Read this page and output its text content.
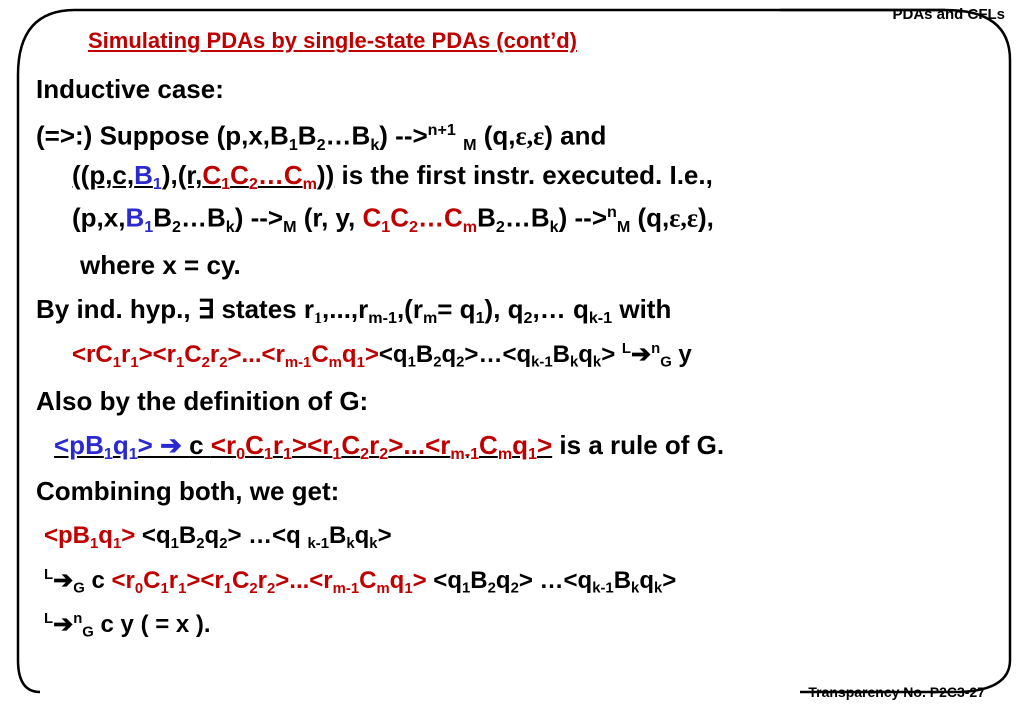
PDAs and CFLs
Transparency No. P2C3-27
Simulating PDAs by single-state PDAs (cont’d)
Inductive case:
(=>:) Suppose $(p,x,B_1B_2\dots B_k)$ -->$^{n+1}$ $_M$ (q,ε,ε) and
$((p,c,B_1),(r,C_1C_2\dots C_m))$ is the first instr. executed. I.e.,
$(p,x,B_1B_2\dots B_k)$ $-->_M$ (r, y, $C_1C_2\dots C_mB_2\dots B_k$) -->$^n_M$ (q,ε,ε),
where x = cy.
By ind. hyp., ∃ states $r_1,...,r_{m-1},(r_m= q_1)$, $q_2,\dots$ $q_{k-1}$ with
$<rC_1r_1><r_1C_2r_2>...<r_{m-1}C_mq_1><q_1B_2q_2>\dots<q_{k-1}B_kq_k>$ $^L$➔$^n_G$ y
Also by the definition of G:
$<pB_1q_1>$ ➔ $c <r_0C_1r_1><r_1C_2r_2>...<r_{m-1}C_mq_1>$ is a rule of G.
Combining both, we get:
$<pB_1q_1> <q_1B_2q_2>$ …<q $_{k-1}B_kq_k>$
$^L➔_G$ $c <r_0C_1r_1><r_1C_2r_2>...<r_{m-1}C_mq_1> <q_1B_2q_2>$ $\dots<q_{k-1}B_kq_k>$
$^L$➔$^n_G$ c y ( = x ).
